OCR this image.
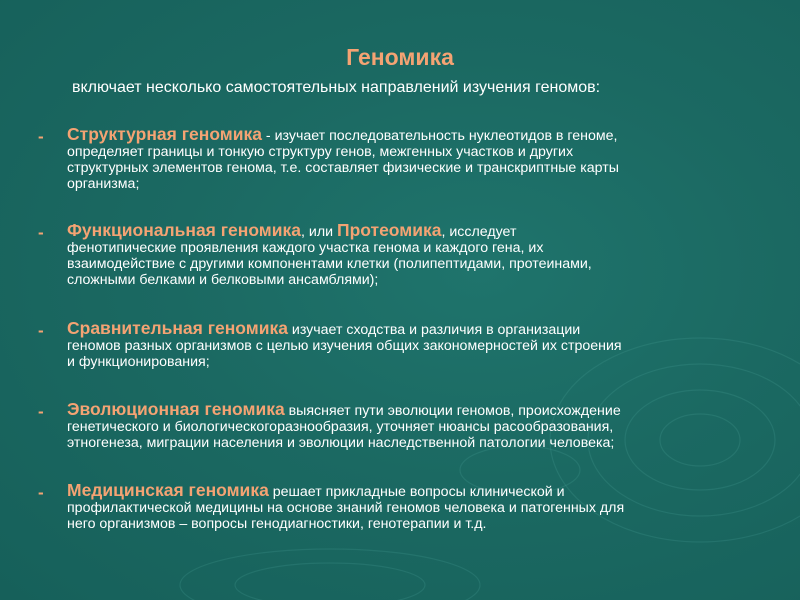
Геномика
включает несколько самостоятельных направлений изучения геномов:
- Структурная геномика - изучает последовательность нуклеотидов в геноме,
определяет границы и тонкую структуру генов, межгенных участков и других
структурных элементов генома, т.е. составляет физические и транскриптные карты
организма;
- Функциональная геномика, или Протеомика, исследует
фенотипические проявления каждого участка генома и каждого гена, их
взаимодействие с другими компонентами клетки (полипептидами, протеинами,
сложными белками и белковыми ансамблями);
- Сравнительная геномика изучает сходства и различия в организации
геномов разных организмов с целью изучения общих закономерностей их строения
и функционирования;
- Эволюционная геномика выясняет пути эволюции геномов, происхождение
генетического и биологическогоразнообразия, уточняет нюансы расообразования,
этногенеза, миграции населения и эволюции наследственной патологии человека;
- Медицинская геномика решает прикладные вопросы клинической и
профилактической медицины на основе знаний геномов человека и патогенных для
него организмов – вопросы генодиагностики, генотерапии и т.д.
